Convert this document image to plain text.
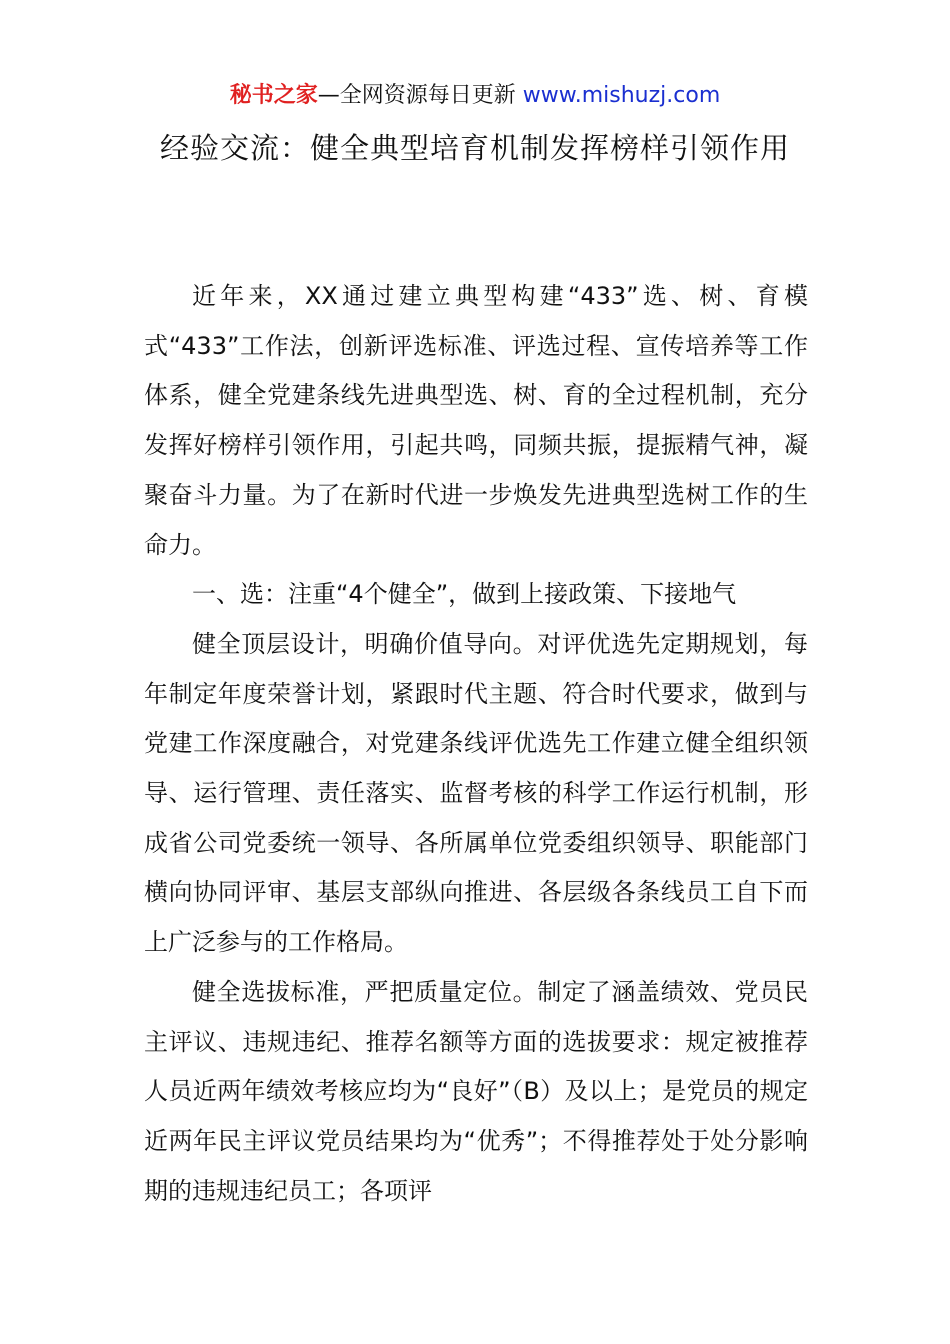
秘书之家—全网资源每日更新 www.mishuzj.com
经验交流：健全典型培育机制发挥榜样引领作用

近年来，XX通过建立典型构建“433”选、树、育模式“433”工作法，创新评选标准、评选过程、宣传培养等工作体系，健全党建条线先进典型选、树、育的全过程机制，充分发挥好榜样引领作用，引起共鸣，同频共振，提振精气神，凝聚奋斗力量。为了在新时代进一步焕发先进典型选树工作的生命力。

一、选：注重“4个健全”，做到上接政策、下接地气

健全顶层设计，明确价值导向。对评优选先定期规划，每年制定年度荣誉计划，紧跟时代主题、符合时代要求，做到与党建工作深度融合，对党建条线评优选先工作建立健全组织领导、运行管理、责任落实、监督考核的科学工作运行机制，形成省公司党委统一领导、各所属单位党委组织领导、职能部门横向协同评审、基层支部纵向推进、各层级各条线员工自下而上广泛参与的工作格局。

健全选拔标准，严把质量定位。制定了涵盖绩效、党员民主评议、违规违纪、推荐名额等方面的选拔要求：规定被推荐人员近两年绩效考核应均为“良好”（B）及以上；是党员的规定近两年民主评议党员结果均为“优秀”；不得推荐处于处分影响期的违规违纪员工；各项评
